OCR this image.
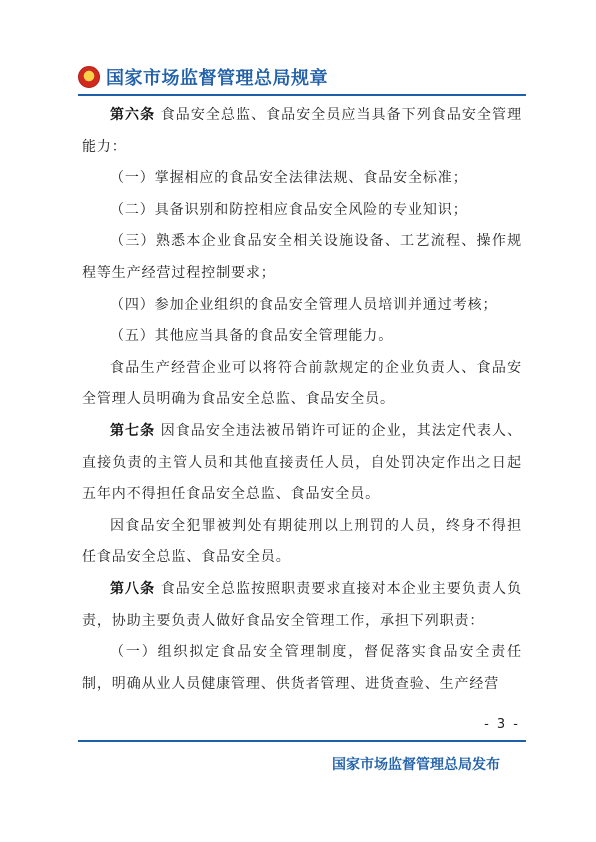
★
国家市场监督管理总局规章

第六条 食品安全总监、食品安全员应当具备下列食品安全管理能力：

（一）掌握相应的食品安全法律法规、食品安全标准；

（二）具备识别和防控相应食品安全风险的专业知识；

（三）熟悉本企业食品安全相关设施设备、工艺流程、操作规程等生产经营过程控制要求；

（四）参加企业组织的食品安全管理人员培训并通过考核；

（五）其他应当具备的食品安全管理能力。

食品生产经营企业可以将符合前款规定的企业负责人、食品安全管理人员明确为食品安全总监、食品安全员。

第七条 因食品安全违法被吊销许可证的企业，其法定代表人、直接负责的主管人员和其他直接责任人员，自处罚决定作出之日起五年内不得担任食品安全总监、食品安全员。

因食品安全犯罪被判处有期徒刑以上刑罚的人员，终身不得担任食品安全总监、食品安全员。

第八条 食品安全总监按照职责要求直接对本企业主要负责人负责，协助主要负责人做好食品安全管理工作，承担下列职责：

（一）组织拟定食品安全管理制度，督促落实食品安全责任制，明确从业人员健康管理、供货者管理、进货查验、生产经营

- 3 -
国家市场监督管理总局发布
